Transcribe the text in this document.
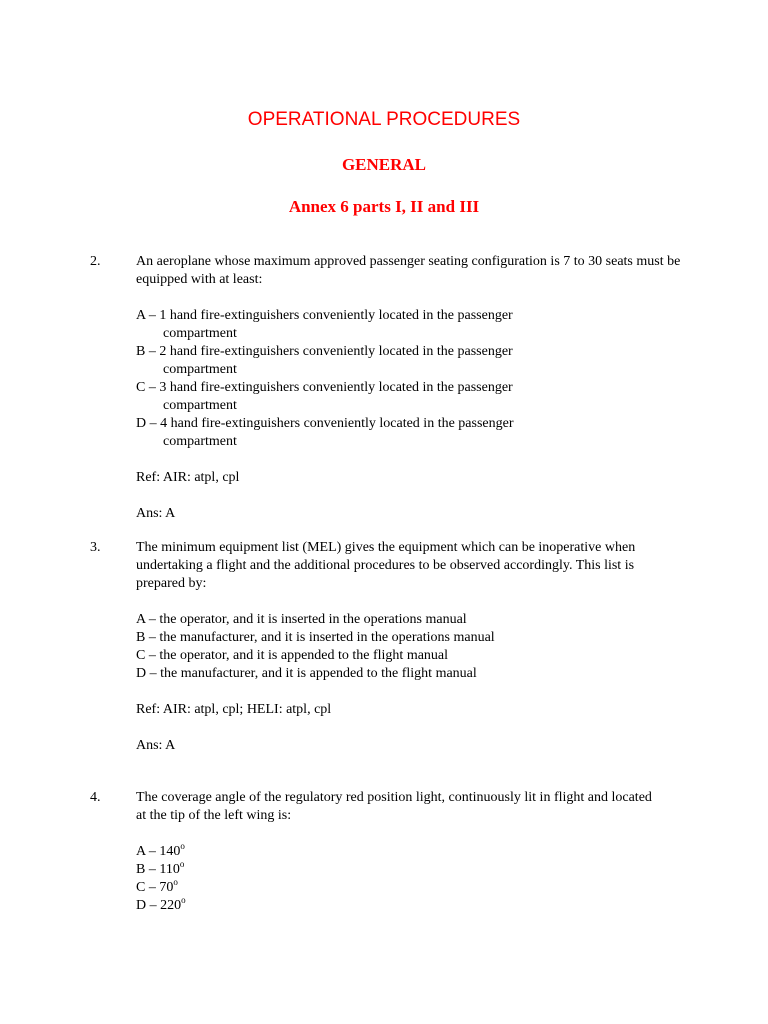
OPERATIONAL PROCEDURES
GENERAL
Annex 6 parts I, II and III
2.	An aeroplane whose maximum approved passenger seating configuration is 7 to 30 seats must be equipped with at least:

A – 1 hand fire-extinguishers conveniently located in the passenger compartment
B – 2 hand fire-extinguishers conveniently located in the passenger compartment
C – 3 hand fire-extinguishers conveniently located in the passenger compartment
D – 4 hand fire-extinguishers conveniently located in the passenger compartment
Ref: AIR: atpl, cpl
Ans: A
3.	The minimum equipment list (MEL) gives the equipment which can be inoperative when undertaking a flight and the additional procedures to be observed accordingly. This list is prepared by:

A – the operator, and it is inserted in the operations manual
B – the manufacturer, and it is inserted in the operations manual
C – the operator, and it is appended to the flight manual
D – the manufacturer, and it is appended to the flight manual
Ref: AIR: atpl, cpl; HELI: atpl, cpl
Ans: A
4.	The coverage angle of the regulatory red position light, continuously lit in flight and located at the tip of the left wing is:

A – 140$^o$
B – 110$^o$
C – 70$^o$
D – 220$^o$
